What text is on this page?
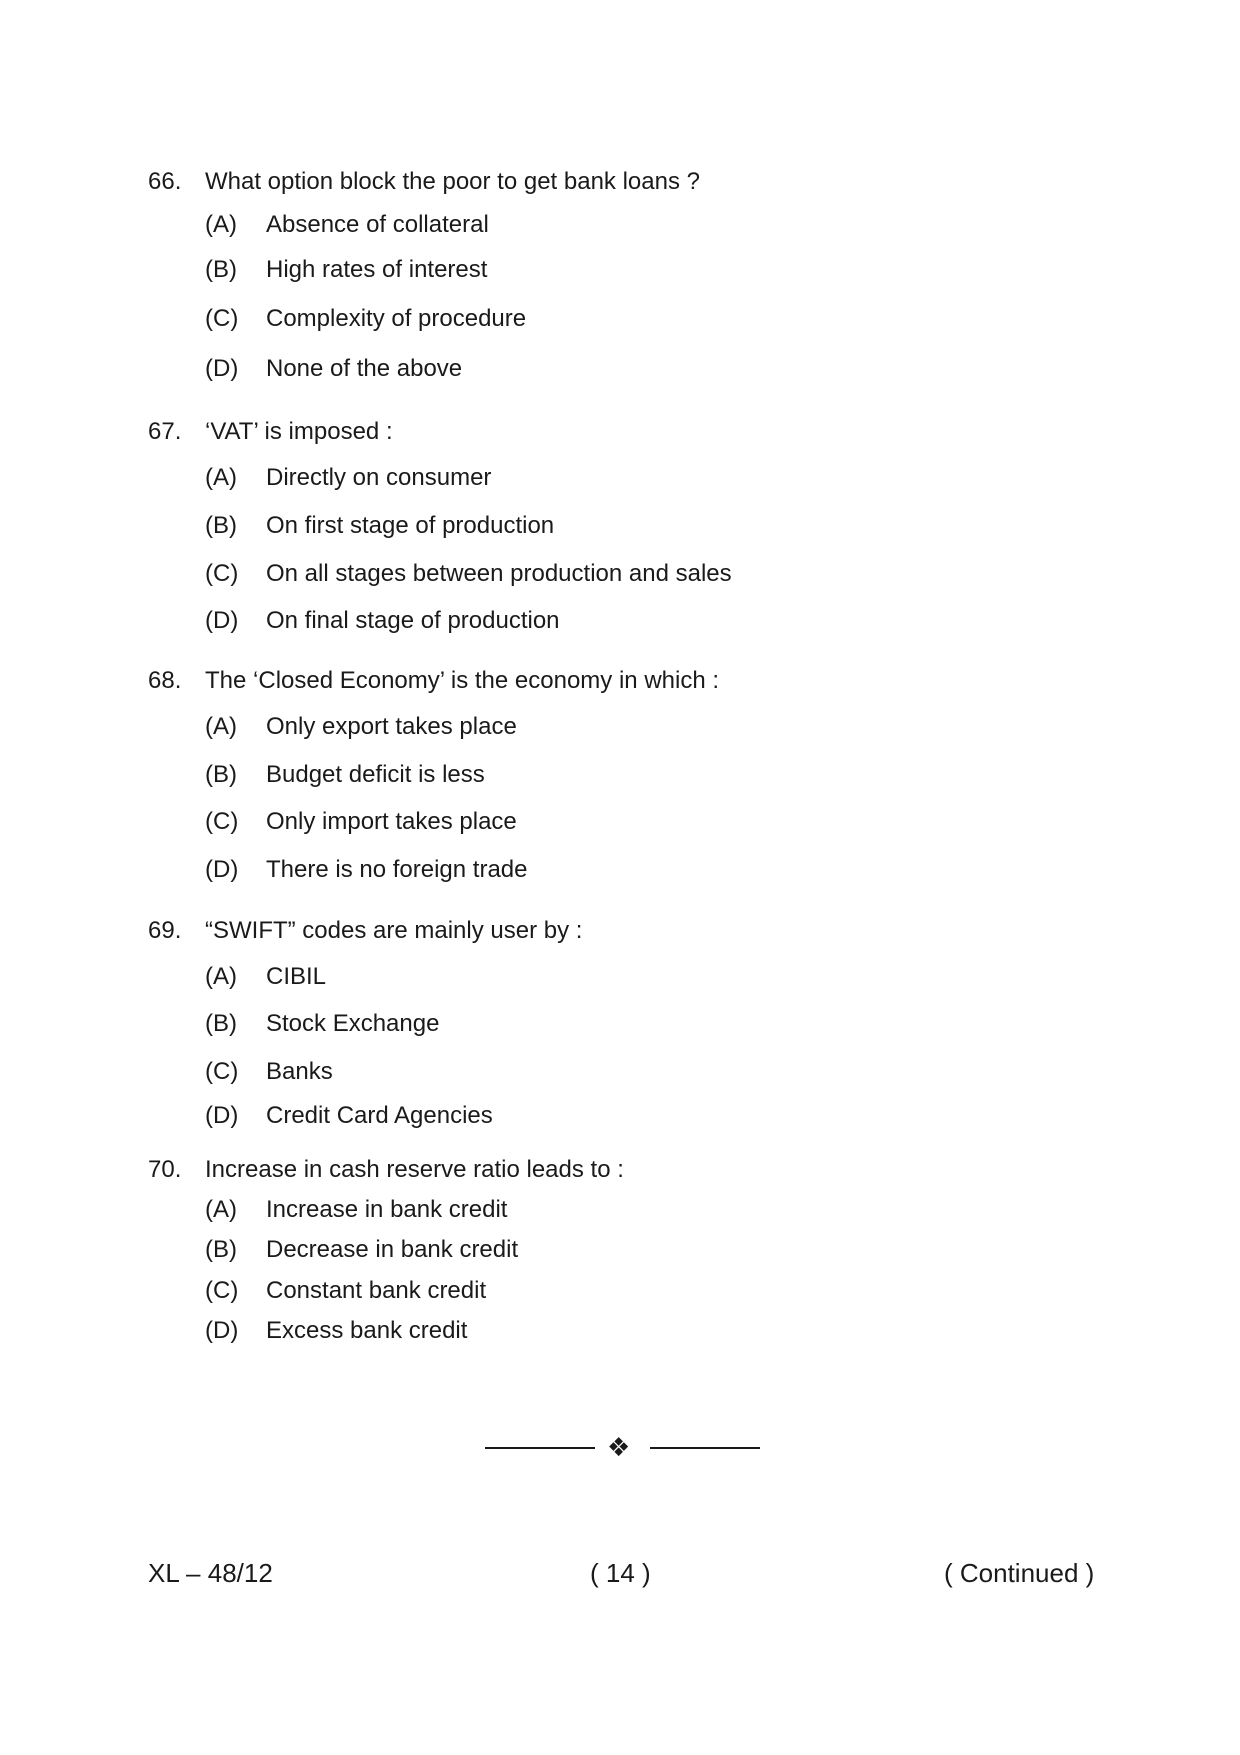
66. What option block the poor to get bank loans ?
(A) Absence of collateral
(B) High rates of interest
(C) Complexity of procedure
(D) None of the above
67. ‘VAT’ is imposed :
(A) Directly on consumer
(B) On first stage of production
(C) On all stages between production and sales
(D) On final stage of production
68. The ‘Closed Economy’ is the economy in which :
(A) Only export takes place
(B) Budget deficit is less
(C) Only import takes place
(D) There is no foreign trade
69. “SWIFT” codes are mainly user by :
(A) CIBIL
(B) Stock Exchange
(C) Banks
(D) Credit Card Agencies
70. Increase in cash reserve ratio leads to :
(A) Increase in bank credit
(B) Decrease in bank credit
(C) Constant bank credit
(D) Excess bank credit
❖
XL – 48/12	( 14 )	( Continued )
